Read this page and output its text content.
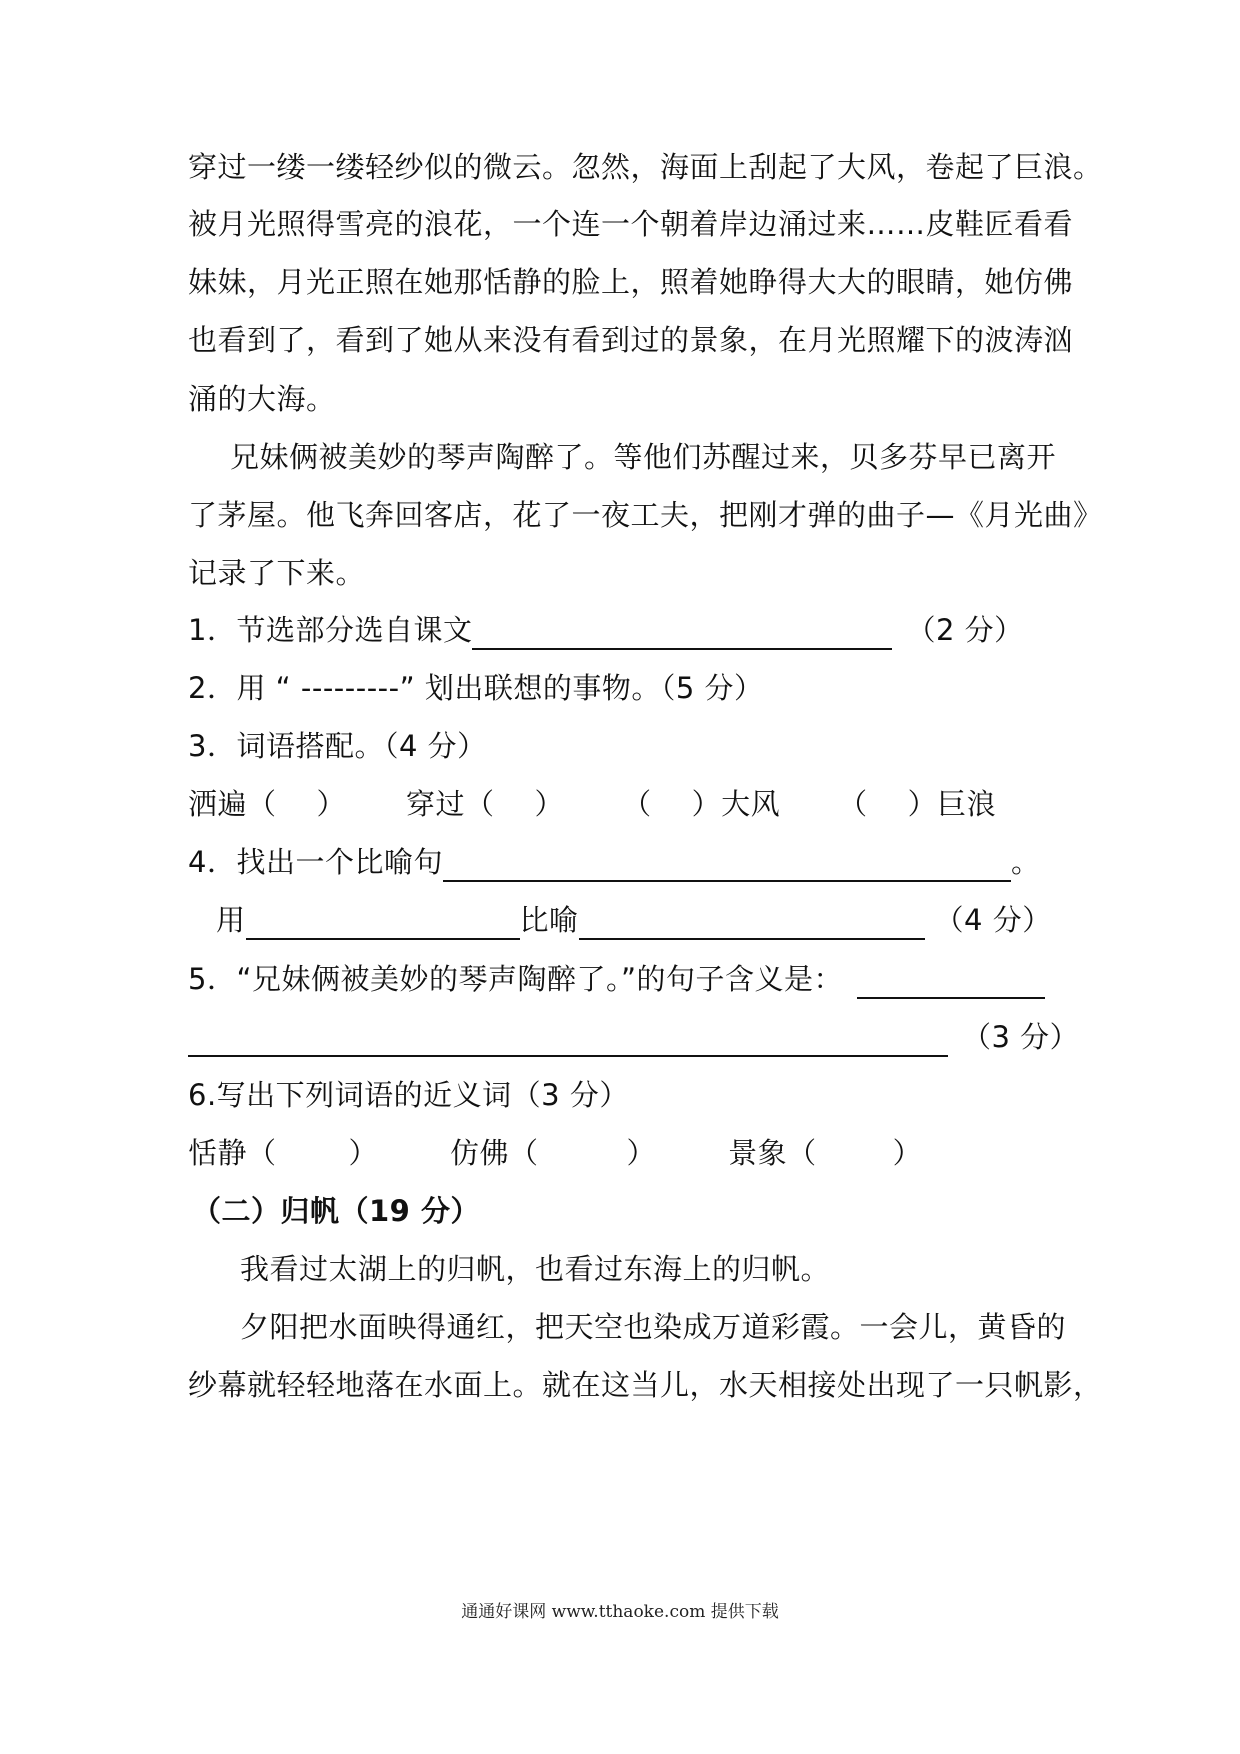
穿过一缕一缕轻纱似的微云。忽然，海面上刮起了大风，卷起了巨浪。
被月光照得雪亮的浪花，一个连一个朝着岸边涌过来……皮鞋匠看看
妹妹，月光正照在她那恬静的脸上，照着她睁得大大的眼睛，她仿佛
也看到了，看到了她从来没有看到过的景象，在月光照耀下的波涛汹
涌的大海。
兄妹俩被美妙的琴声陶醉了。等他们苏醒过来，贝多芬早已离开
了茅屋。他飞奔回客店，花了一夜工夫，把刚才弹的曲子—《月光曲》
记录了下来。
1．节选部分选自课文	（2 分）
2．用 “ ---------” 划出联想的事物。（5 分）
3．词语搭配。（4 分）
洒遍（ ） 穿过（ ） （ ）大风 （ ）巨浪
4．找出一个比喻句	。
用	比喻	（4 分）
5．“兄妹俩被美妙的琴声陶醉了。”的句子含义是：
（3 分）
6.写出下列词语的近义词（3 分）
恬静（ ） 仿佛（	） 景象（	）
（二）归帆（19 分）
我看过太湖上的归帆，也看过东海上的归帆。
夕阳把水面映得通红，把天空也染成万道彩霞。一会儿，黄昏的
纱幕就轻轻地落在水面上。就在这当儿，水天相接处出现了一只帆影，
通通好课网 www.tthaoke.com 提供下载
